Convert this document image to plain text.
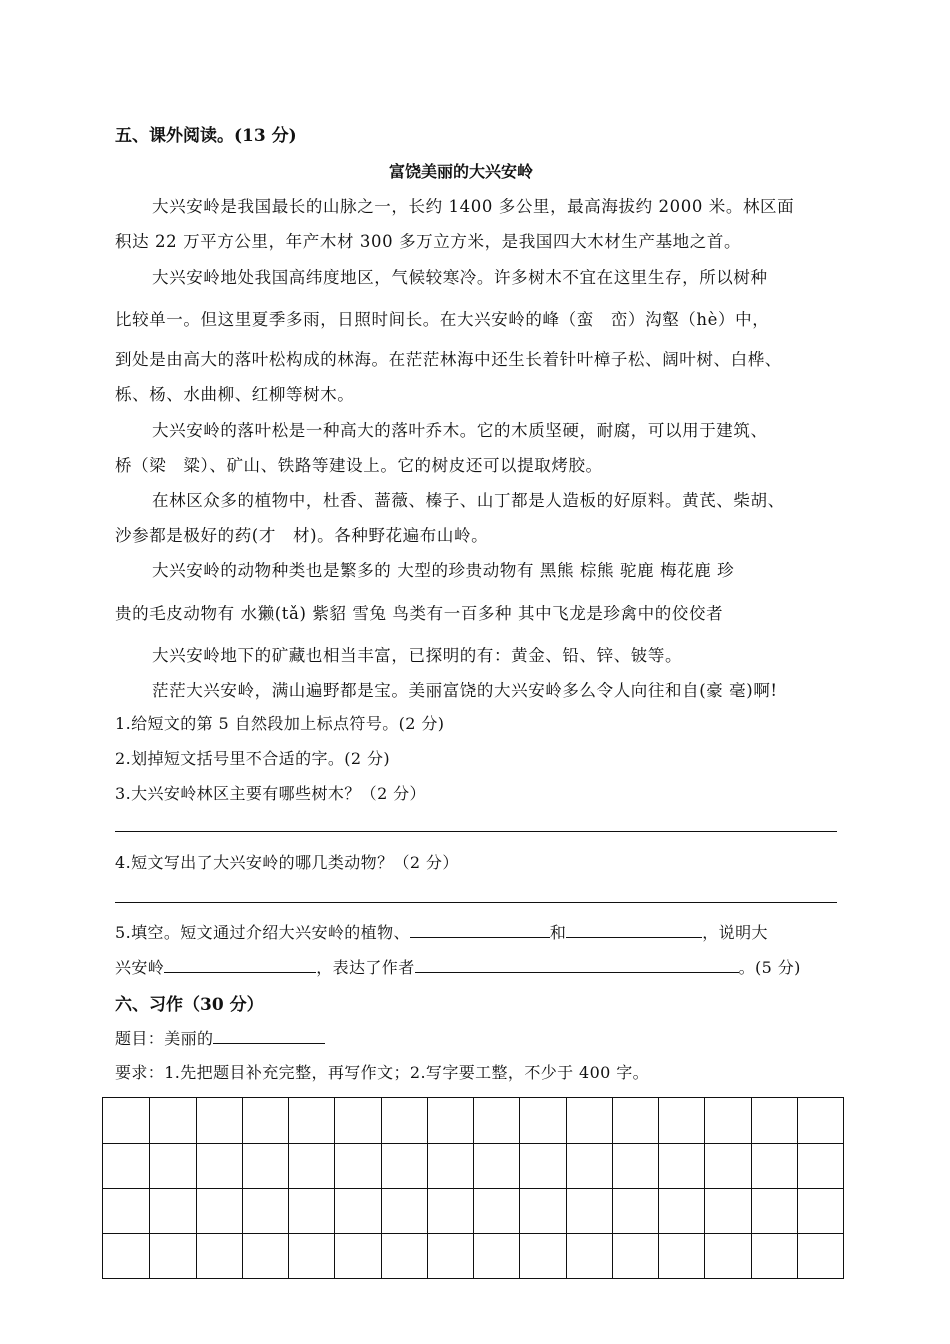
五、课外阅读。(13 分)
富饶美丽的大兴安岭
大兴安岭是我国最长的山脉之一，长约 1400 多公里，最高海拔约 2000 米。林区面
积达 22 万平方公里，年产木材 300 多万立方米，是我国四大木材生产基地之首。
大兴安岭地处我国高纬度地区，气候较寒冷。许多树木不宜在这里生存，所以树种
比较单一。但这里夏季多雨，日照时间长。在大兴安岭的峰（蛮　峦）沟壑（hè）中，
到处是由高大的落叶松构成的林海。在茫茫林海中还生长着针叶樟子松、阔叶树、白桦、
栎、杨、水曲柳、红柳等树木。
大兴安岭的落叶松是一种高大的落叶乔木。它的木质坚硬，耐腐，可以用于建筑、
桥（梁　粱）、矿山、铁路等建设上。它的树皮还可以提取烤胶。
在林区众多的植物中，杜香、蔷薇、榛子、山丁都是人造板的好原料。黄芪、柴胡、
沙参都是极好的药(才　材)。各种野花遍布山岭。
大兴安岭的动物种类也是繁多的 大型的珍贵动物有 黑熊 棕熊 驼鹿 梅花鹿 珍
贵的毛皮动物有 水獭(tǎ) 紫貂 雪兔 鸟类有一百多种 其中飞龙是珍禽中的佼佼者
大兴安岭地下的矿藏也相当丰富，已探明的有：黄金、铅、锌、铍等。
茫茫大兴安岭，满山遍野都是宝。美丽富饶的大兴安岭多么令人向往和自(豪 毫)啊!
1.给短文的第 5 自然段加上标点符号。(2 分)
2.划掉短文括号里不合适的字。(2 分)
3.大兴安岭林区主要有哪些树木？（2 分）
4.短文写出了大兴安岭的哪几类动物？（2 分）
5.填空。短文通过介绍大兴安岭的植物、	和	，说明大
兴安岭	，表达了作者	。(5 分)
六、习作（30 分）
题目：美丽的
要求：1.先把题目补充完整，再写作文；2.写字要工整，不少于 400 字。
